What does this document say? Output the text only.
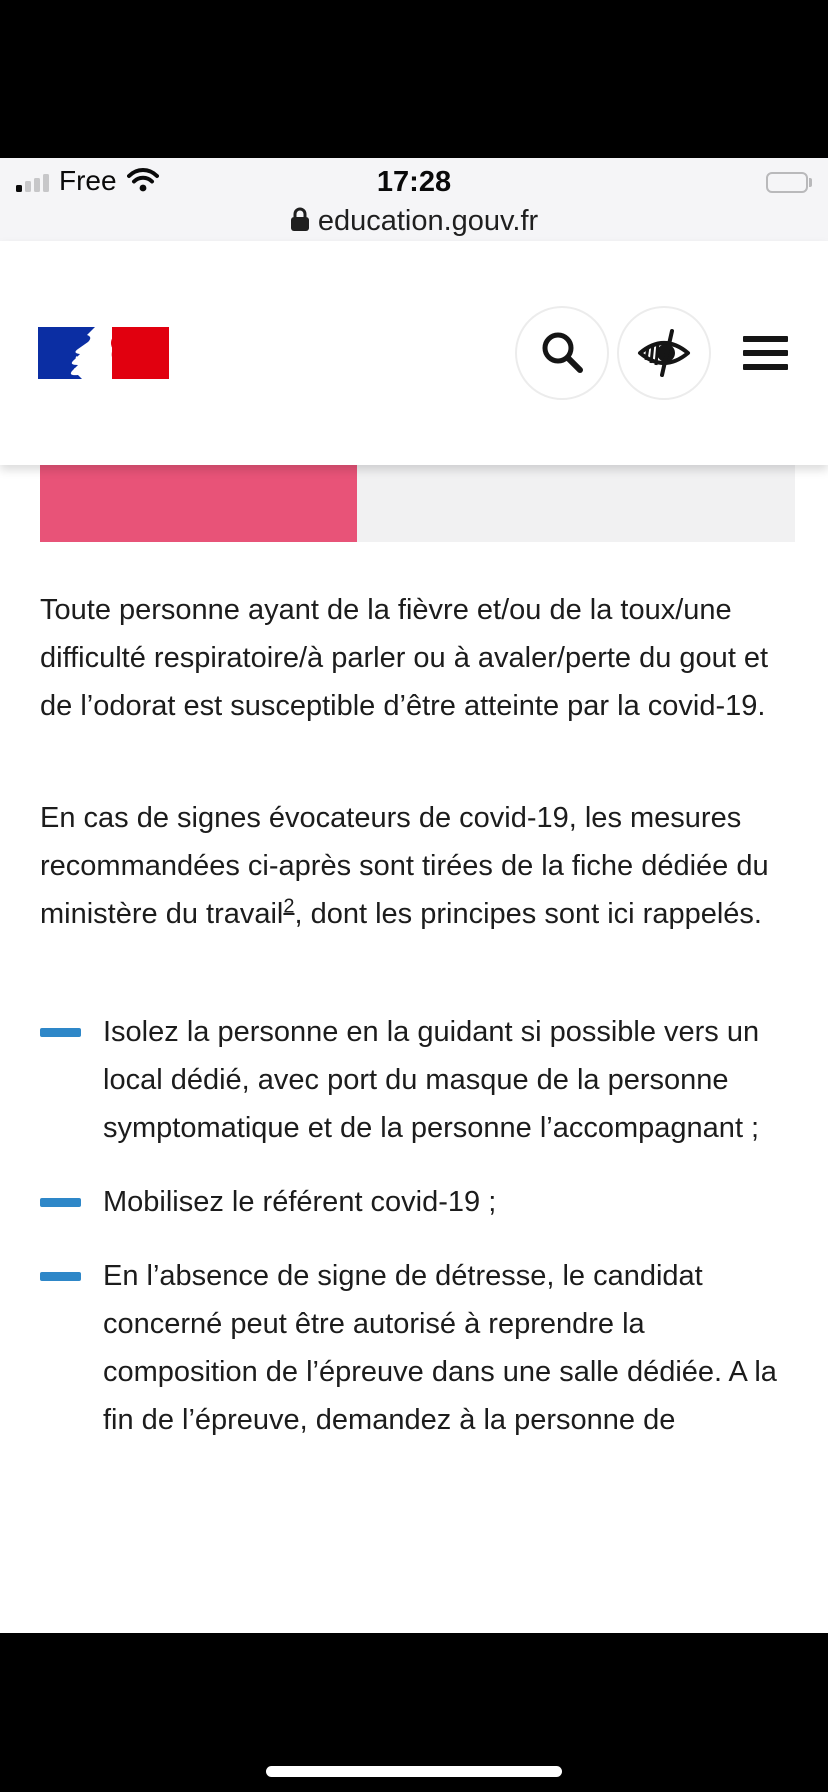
Free	17:28
education.gouv.fr

Toute personne ayant de la fièvre et/ou de la toux/une difficulté respiratoire/à parler ou à avaler/perte du gout et de l’odorat est susceptible d’être atteinte par la covid-19.

En cas de signes évocateurs de covid-19, les mesures recommandées ci-après sont tirées de la fiche dédiée du ministère du travail$^2$, dont les principes sont ici rappelés.

Isolez la personne en la guidant si possible vers un local dédié, avec port du masque de la personne symptomatique et de la personne l’accompagnant ;
Mobilisez le référent covid-19 ;
En l’absence de signe de détresse, le candidat concerné peut être autorisé à reprendre la composition de l’épreuve dans une salle dédiée. A la fin de l’épreuve, demandez à la personne de
